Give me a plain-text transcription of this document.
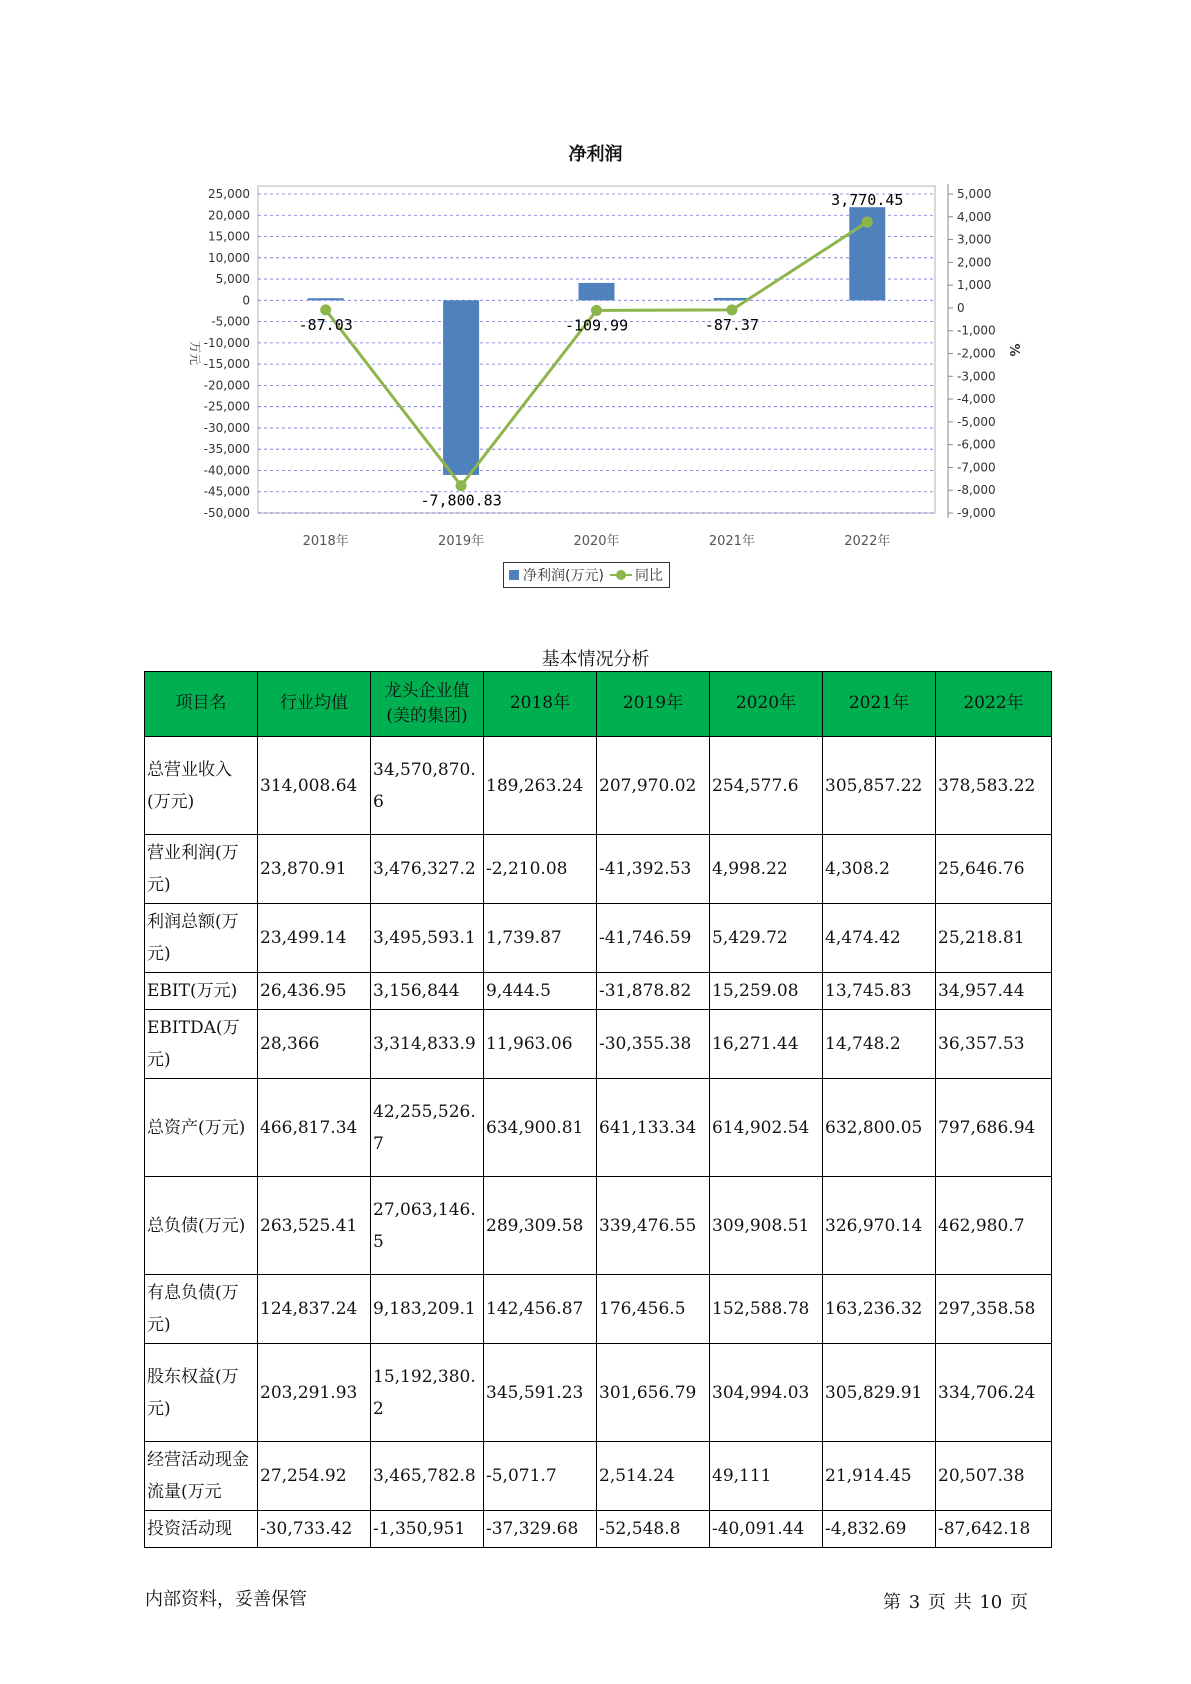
25,000
20,000
15,000
10,000
5,000
0
-5,000
-10,000
-15,000
-20,000
-25,000
-30,000
-35,000
-40,000
-45,000
-50,000
5,000
4,000
3,000
2,000
1,000
0
-1,000
-2,000
-3,000
-4,000
-5,000
-6,000
-7,000
-8,000
-9,000
万元	%
2018年	2019年	2020年	2021年	2022年
-87.03
-7,800.83
-109.99	-87.37
3,770.45
净利润
净利润(万元) 同比
基本情况分析
项目名	行业均值	龙头企业值(美的集团)	2018年	2019年	2020年	2021年	2022年

总营业收入(万元)	314,008.64	34,570,870.6	189,263.24	207,970.02	254,577.6	305,857.22	378,583.22

营业利润(万元)	23,870.91	3,476,327.2	-2,210.08	-41,392.53	4,998.22	4,308.2	25,646.76

利润总额(万元)	23,499.14	3,495,593.1	1,739.87	-41,746.59	5,429.72	4,474.42	25,218.81

EBIT(万元)	26,436.95	3,156,844	9,444.5	-31,878.82	15,259.08	13,745.83	34,957.44

EBITDA(万元)	28,366	3,314,833.9	11,963.06	-30,355.38	16,271.44	14,748.2	36,357.53

总资产(万元)	466,817.34	42,255,526.7	634,900.81	641,133.34	614,902.54	632,800.05	797,686.94

总负债(万元)	263,525.41	27,063,146.5	289,309.58	339,476.55	309,908.51	326,970.14	462,980.7

有息负债(万元)	124,837.24	9,183,209.1	142,456.87	176,456.5	152,588.78	163,236.32	297,358.58

股东权益(万元)	203,291.93	15,192,380.2	345,591.23	301,656.79	304,994.03	305,829.91	334,706.24

经营活动现金流量(万元	27,254.92	3,465,782.8	-5,071.7	2,514.24	49,111	21,914.45	20,507.38

投资活动现	-30,733.42	-1,350,951	-37,329.68	-52,548.8	-40,091.44	-4,832.69	-87,642.18
内部资料，妥善保管	第 3 页 共 10 页
